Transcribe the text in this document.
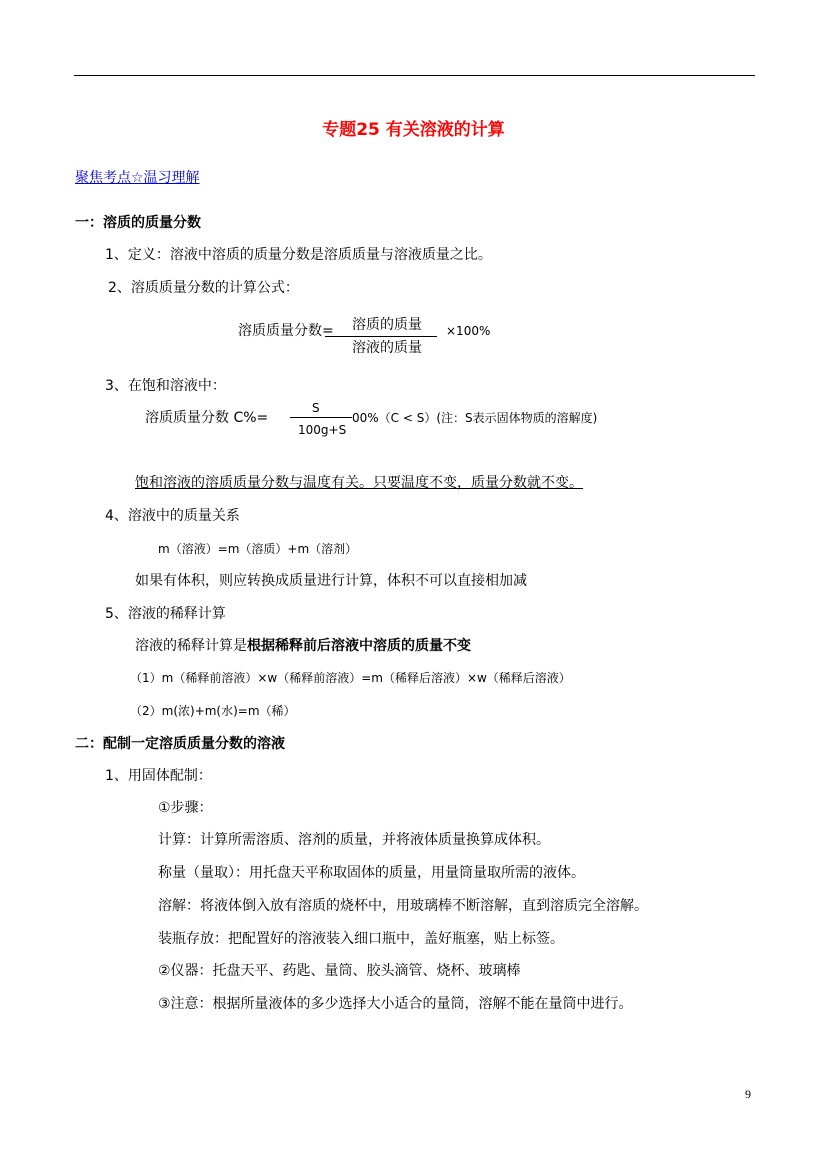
专题25 有关溶液的计算
聚焦考点☆温习理解
一：溶质的质量分数
1、定义：溶液中溶质的质量分数是溶质质量与溶液质量之比。
2、溶质质量分数的计算公式：
溶质质量分数= 溶质的质量
溶液的质量
×100%
3、在饱和溶液中：
溶质质量分数 C%=
S
100g+S
00%（C < S）(注：S表示固体物质的溶解度)
饱和溶液的溶质质量分数与温度有关。只要温度不变，质量分数就不变。
4、溶液中的质量关系
m（溶液）=m（溶质）+m（溶剂）
如果有体积，则应转换成质量进行计算，体积不可以直接相加减
5、溶液的稀释计算
溶液的稀释计算是根据稀释前后溶液中溶质的质量不变
（1）m（稀释前溶液）×w（稀释前溶液）=m（稀释后溶液）×w（稀释后溶液）
（2）m(浓)+m(水)=m（稀）
二：配制一定溶质质量分数的溶液
1、用固体配制：
①步骤：
计算：计算所需溶质、溶剂的质量，并将液体质量换算成体积。
称量（量取）：用托盘天平称取固体的质量，用量筒量取所需的液体。
溶解：将液体倒入放有溶质的烧杯中，用玻璃棒不断溶解，直到溶质完全溶解。
装瓶存放：把配置好的溶液装入细口瓶中，盖好瓶塞，贴上标签。
②仪器：托盘天平、药匙、量筒、胶头滴管、烧杯、玻璃棒
③注意：根据所量液体的多少选择大小适合的量筒，溶解不能在量筒中进行。
9
